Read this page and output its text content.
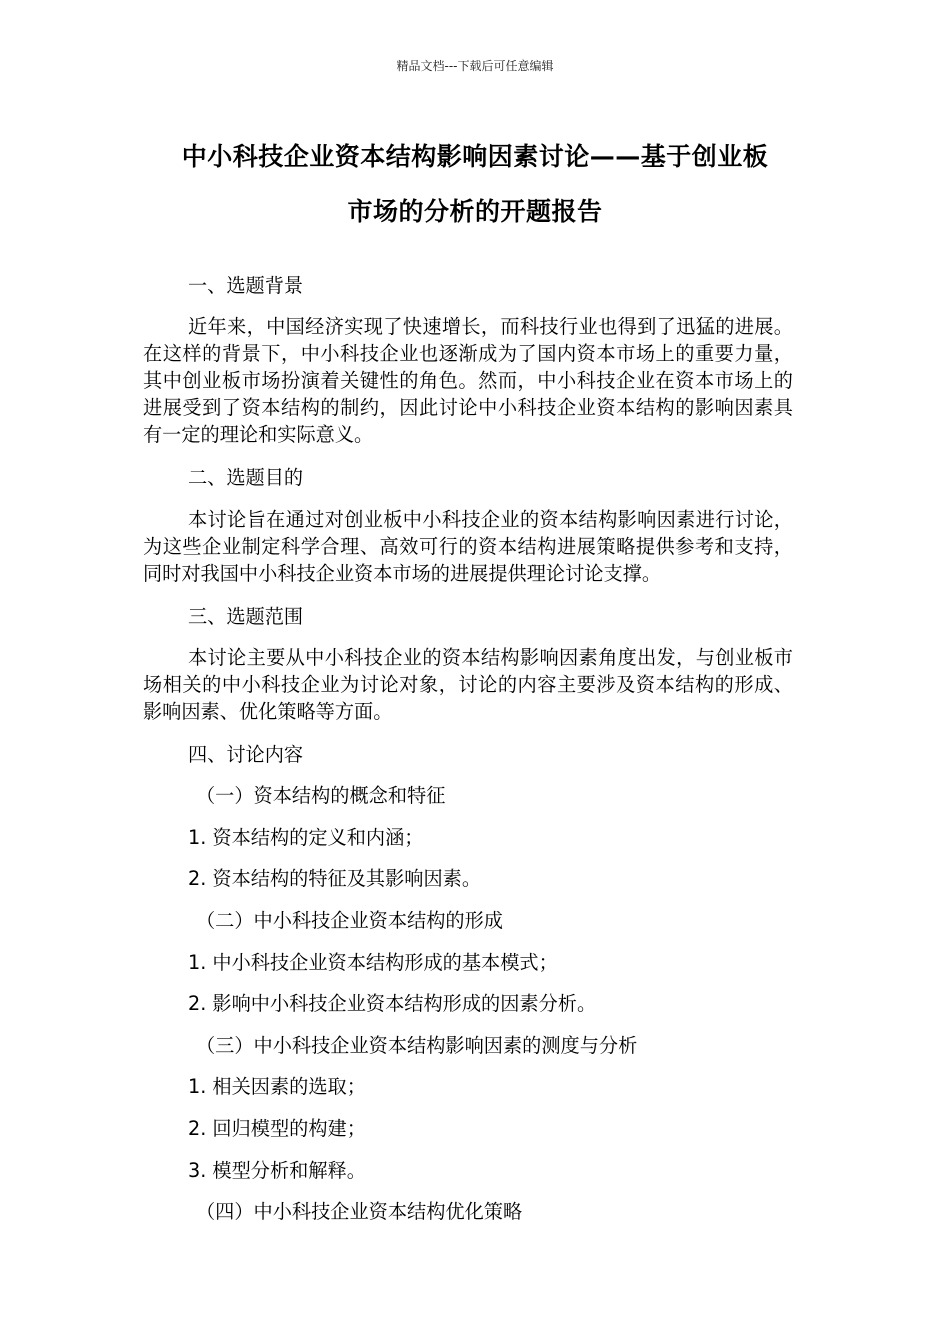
精品文档---下载后可任意编辑
中小科技企业资本结构影响因素讨论——基于创业板
市场的分析的开题报告
一、选题背景
近年来，中国经济实现了快速增长，而科技行业也得到了迅猛的进展。在这样的背景下，中小科技企业也逐渐成为了国内资本市场上的重要力量，其中创业板市场扮演着关键性的角色。然而，中小科技企业在资本市场上的进展受到了资本结构的制约，因此讨论中小科技企业资本结构的影响因素具有一定的理论和实际意义。
二、选题目的
本讨论旨在通过对创业板中小科技企业的资本结构影响因素进行讨论，为这些企业制定科学合理、高效可行的资本结构进展策略提供参考和支持，同时对我国中小科技企业资本市场的进展提供理论讨论支撑。
三、选题范围
本讨论主要从中小科技企业的资本结构影响因素角度出发，与创业板市场相关的中小科技企业为讨论对象，讨论的内容主要涉及资本结构的形成、影响因素、优化策略等方面。
四、讨论内容
（一）资本结构的概念和特征
1. 资本结构的定义和内涵；
2. 资本结构的特征及其影响因素。
（二）中小科技企业资本结构的形成
1. 中小科技企业资本结构形成的基本模式；
2. 影响中小科技企业资本结构形成的因素分析。
（三）中小科技企业资本结构影响因素的测度与分析
1. 相关因素的选取；
2. 回归模型的构建；
3. 模型分析和解释。
（四）中小科技企业资本结构优化策略
